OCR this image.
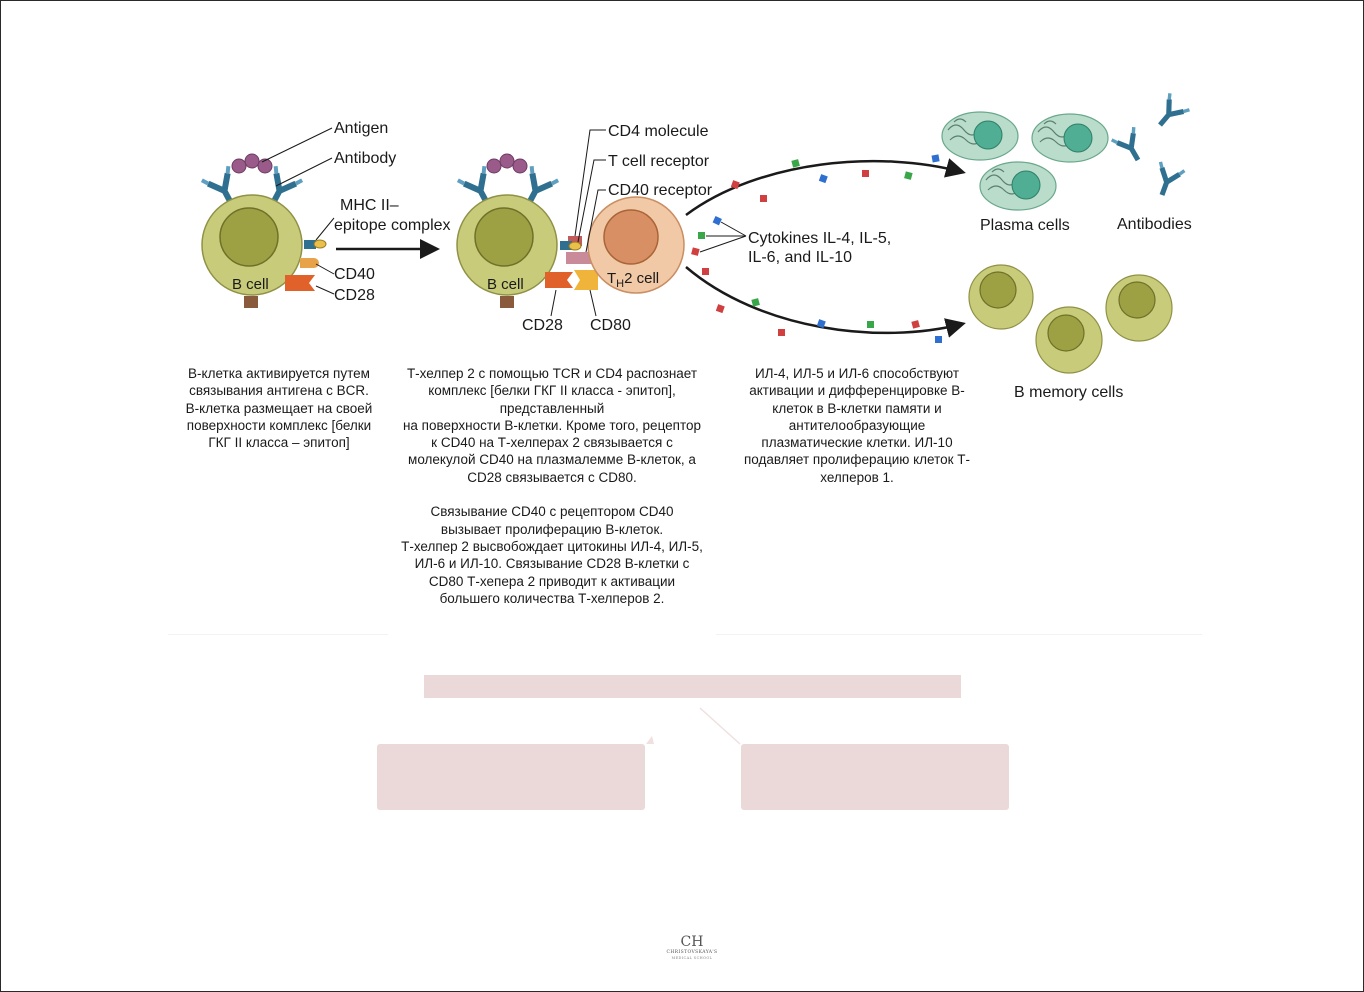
B cell
Antigen
Antibody
MHC II–
epitope complex
CD40
CD28
B cell	$T_H2$ cell
CD4 molecule
T cell receptor
CD40 receptor
CD28 CD80
Cytokines IL-4, IL-5,
IL-6, and IL-10
Plasma cells	Antibodies
B memory cells
В-клетка активируется путем
связывания антигена с BCR.
В-клетка размещает на своей
поверхности комплекс [белки
ГКГ II класса – эпитоп]
Т-хелпер 2 с помощью TCR и CD4 распознает
комплекс [белки ГКГ II класса - эпитоп],
представленный
на поверхности В-клетки. Кроме того, рецептор
к CD40 на Т-хелперах 2 связывается с
молекулой CD40 на плазмалемме В-клеток, а
CD28 связывается с CD80.

Связывание CD40 с рецептором CD40
вызывает пролиферацию В-клеток.
Т-хелпер 2 высвобождает цитокины ИЛ-4, ИЛ-5,
ИЛ-6 и ИЛ-10. Связывание CD28 В-клетки с
CD80 Т-хепера 2 приводит к активации
большего количества Т-хелперов 2.
ИЛ-4, ИЛ-5 и ИЛ-6 способствуют
активации и дифференцировке В-
клеток в В-клетки памяти и
антителообразующие
плазматические клетки. ИЛ-10
подавляет пролиферацию клеток Т-
хелперов 1.
CH
CHRISTOVSKAYA'S
MEDICAL SCHOOL
